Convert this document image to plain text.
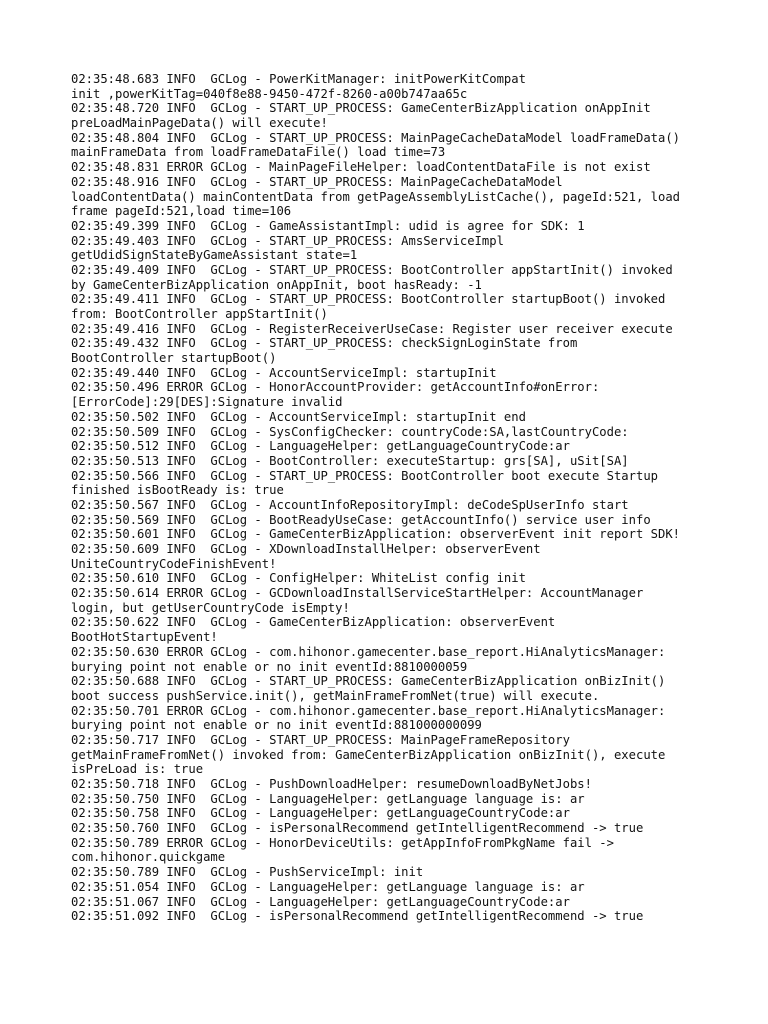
02:35:48.683 INFO  GCLog - PowerKitManager: initPowerKitCompat
init ,powerKitTag=040f8e88-9450-472f-8260-a00b747aa65c
02:35:48.720 INFO  GCLog - START_UP_PROCESS: GameCenterBizApplication onAppInit
preLoadMainPageData() will execute!
02:35:48.804 INFO  GCLog - START_UP_PROCESS: MainPageCacheDataModel loadFrameData()
mainFrameData from loadFrameDataFile() load time=73
02:35:48.831 ERROR GCLog - MainPageFileHelper: loadContentDataFile is not exist
02:35:48.916 INFO  GCLog - START_UP_PROCESS: MainPageCacheDataModel
loadContentData() mainContentData from getPageAssemblyListCache(), pageId:521, load
frame pageId:521,load time=106
02:35:49.399 INFO  GCLog - GameAssistantImpl: udid is agree for SDK: 1
02:35:49.403 INFO  GCLog - START_UP_PROCESS: AmsServiceImpl
getUdidSignStateByGameAssistant state=1
02:35:49.409 INFO  GCLog - START_UP_PROCESS: BootController appStartInit() invoked
by GameCenterBizApplication onAppInit, boot hasReady: -1
02:35:49.411 INFO  GCLog - START_UP_PROCESS: BootController startupBoot() invoked
from: BootController appStartInit()
02:35:49.416 INFO  GCLog - RegisterReceiverUseCase: Register user receiver execute
02:35:49.432 INFO  GCLog - START_UP_PROCESS: checkSignLoginState from
BootController startupBoot()
02:35:49.440 INFO  GCLog - AccountServiceImpl: startupInit
02:35:50.496 ERROR GCLog - HonorAccountProvider: getAccountInfo#onError:
[ErrorCode]:29[DES]:Signature invalid
02:35:50.502 INFO  GCLog - AccountServiceImpl: startupInit end
02:35:50.509 INFO  GCLog - SysConfigChecker: countryCode:SA,lastCountryCode:
02:35:50.512 INFO  GCLog - LanguageHelper: getLanguageCountryCode:ar
02:35:50.513 INFO  GCLog - BootController: executeStartup: grs[SA], uSit[SA]
02:35:50.566 INFO  GCLog - START_UP_PROCESS: BootController boot execute Startup
finished isBootReady is: true
02:35:50.567 INFO  GCLog - AccountInfoRepositoryImpl: deCodeSpUserInfo start
02:35:50.569 INFO  GCLog - BootReadyUseCase: getAccountInfo() service user info
02:35:50.601 INFO  GCLog - GameCenterBizApplication: observerEvent init report SDK!
02:35:50.609 INFO  GCLog - XDownloadInstallHelper: observerEvent
UniteCountryCodeFinishEvent!
02:35:50.610 INFO  GCLog - ConfigHelper: WhiteList config init
02:35:50.614 ERROR GCLog - GCDownloadInstallServiceStartHelper: AccountManager
login, but getUserCountryCode isEmpty!
02:35:50.622 INFO  GCLog - GameCenterBizApplication: observerEvent
BootHotStartupEvent!
02:35:50.630 ERROR GCLog - com.hihonor.gamecenter.base_report.HiAnalyticsManager:
burying point not enable or no init eventId:8810000059
02:35:50.688 INFO  GCLog - START_UP_PROCESS: GameCenterBizApplication onBizInit()
boot success pushService.init(), getMainFrameFromNet(true) will execute.
02:35:50.701 ERROR GCLog - com.hihonor.gamecenter.base_report.HiAnalyticsManager:
burying point not enable or no init eventId:881000000099
02:35:50.717 INFO  GCLog - START_UP_PROCESS: MainPageFrameRepository
getMainFrameFromNet() invoked from: GameCenterBizApplication onBizInit(), execute
isPreLoad is: true
02:35:50.718 INFO  GCLog - PushDownloadHelper: resumeDownloadByNetJobs!
02:35:50.750 INFO  GCLog - LanguageHelper: getLanguage language is: ar
02:35:50.758 INFO  GCLog - LanguageHelper: getLanguageCountryCode:ar
02:35:50.760 INFO  GCLog - isPersonalRecommend getIntelligentRecommend -> true
02:35:50.789 ERROR GCLog - HonorDeviceUtils: getAppInfoFromPkgName fail ->
com.hihonor.quickgame
02:35:50.789 INFO  GCLog - PushServiceImpl: init
02:35:51.054 INFO  GCLog - LanguageHelper: getLanguage language is: ar
02:35:51.067 INFO  GCLog - LanguageHelper: getLanguageCountryCode:ar
02:35:51.092 INFO  GCLog - isPersonalRecommend getIntelligentRecommend -> true
